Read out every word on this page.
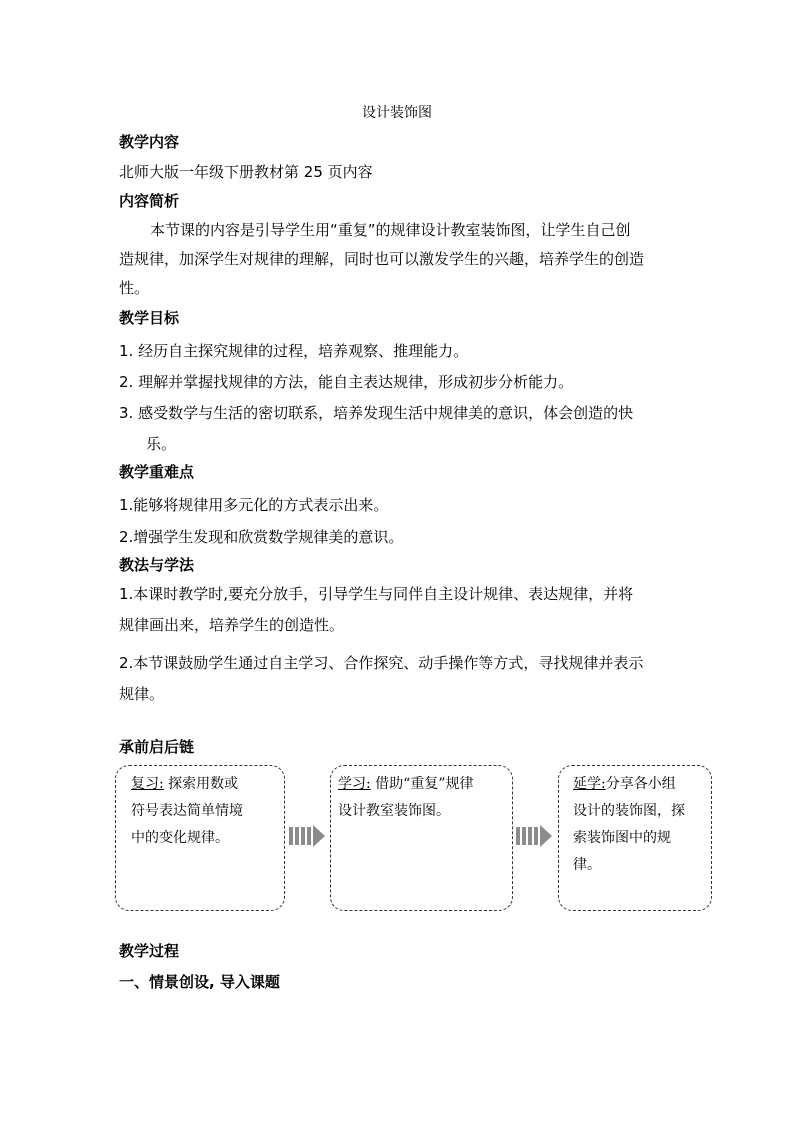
设计装饰图
教学内容
北师大版一年级下册教材第 25 页内容
内容简析
本节课的内容是引导学生用“重复”的规律设计教室装饰图，让学生自己创
造规律，加深学生对规律的理解，同时也可以激发学生的兴趣，培养学生的创造
性。
教学目标
1. 经历自主探究规律的过程，培养观察、推理能力。
2. 理解并掌握找规律的方法，能自主表达规律，形成初步分析能力。
3. 感受数学与生活的密切联系，培养发现生活中规律美的意识，体会创造的快
乐。
教学重难点
1.能够将规律用多元化的方式表示出来。
2.增强学生发现和欣赏数学规律美的意识。
教法与学法
1.本课时教学时,要充分放手，引导学生与同伴自主设计规律、表达规律，并将
规律画出来，培养学生的创造性。
2.本节课鼓励学生通过自主学习、合作探究、动手操作等方式，寻找规律并表示
规律。
承前启后链
复习: 探索用数或
符号表达简单情境
中的变化规律。
学习: 借助“重复”规律
设计教室装饰图。
延学:分享各小组
设计的装饰图，探
索装饰图中的规
律。
教学过程
一、情景创设, 导入课题
